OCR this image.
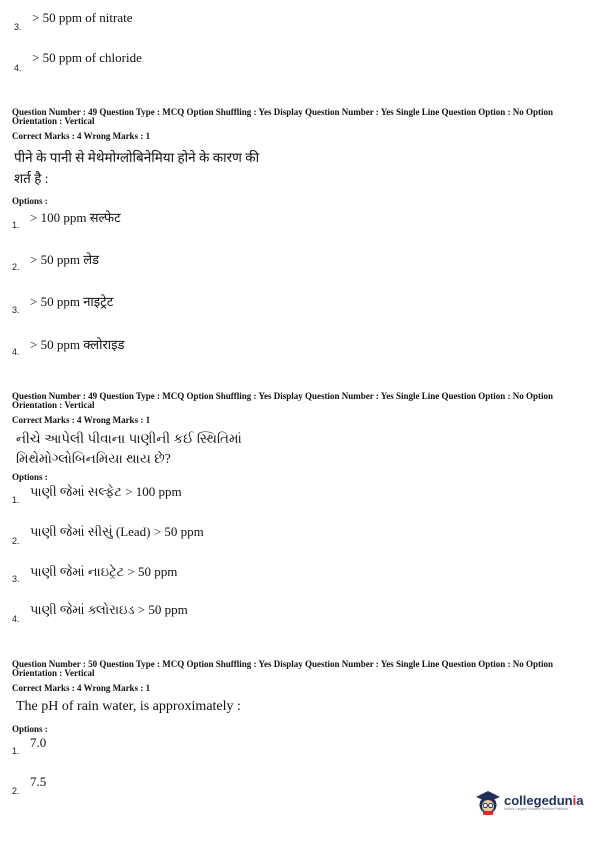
3.
> 50 ppm of nitrate
4.
> 50 ppm of chloride
Question Number : 49 Question Type : MCQ Option Shuffling : Yes Display Question Number : Yes Single Line Question Option : No Option Orientation : Vertical
Correct Marks : 4 Wrong Marks : 1
पीने के पानी से मेथेमोग्लोबिनेमिया होने के कारण की
शर्त है :
Options :
1. > 100 ppm सल्फेट
2. > 50 ppm लेड
3.
> 50 ppm नाइट्रेट
4. > 50 ppm क्लोराइड
Question Number : 49 Question Type : MCQ Option Shuffling : Yes Display Question Number : Yes Single Line Question Option : No Option Orientation : Vertical
Correct Marks : 4 Wrong Marks : 1
નીચે આપેલી પીવાના પાણીની કઈ સ્થિતિમાં
મિથેમોગ્લોબિનમિયા થાય છે?
Options :
1.
પાણી જેમાં સલ્ફેટ > 100 ppm
2.
પાણી જેમાં સીસું (Lead) > 50 ppm
3. પાણી જેમાં નાઇટ્રેટ > 50 ppm
4.
પાણી જેમાં ક્લોરાઇડ > 50 ppm
Question Number : 50 Question Type : MCQ Option Shuffling : Yes Display Question Number : Yes Single Line Question Option : No Option Orientation : Vertical
Correct Marks : 4 Wrong Marks : 1
The pH of rain water, is approximately :
Options :
1.
7.0
2.
7.5
collegedunia
India's Largest Student Review Platform
